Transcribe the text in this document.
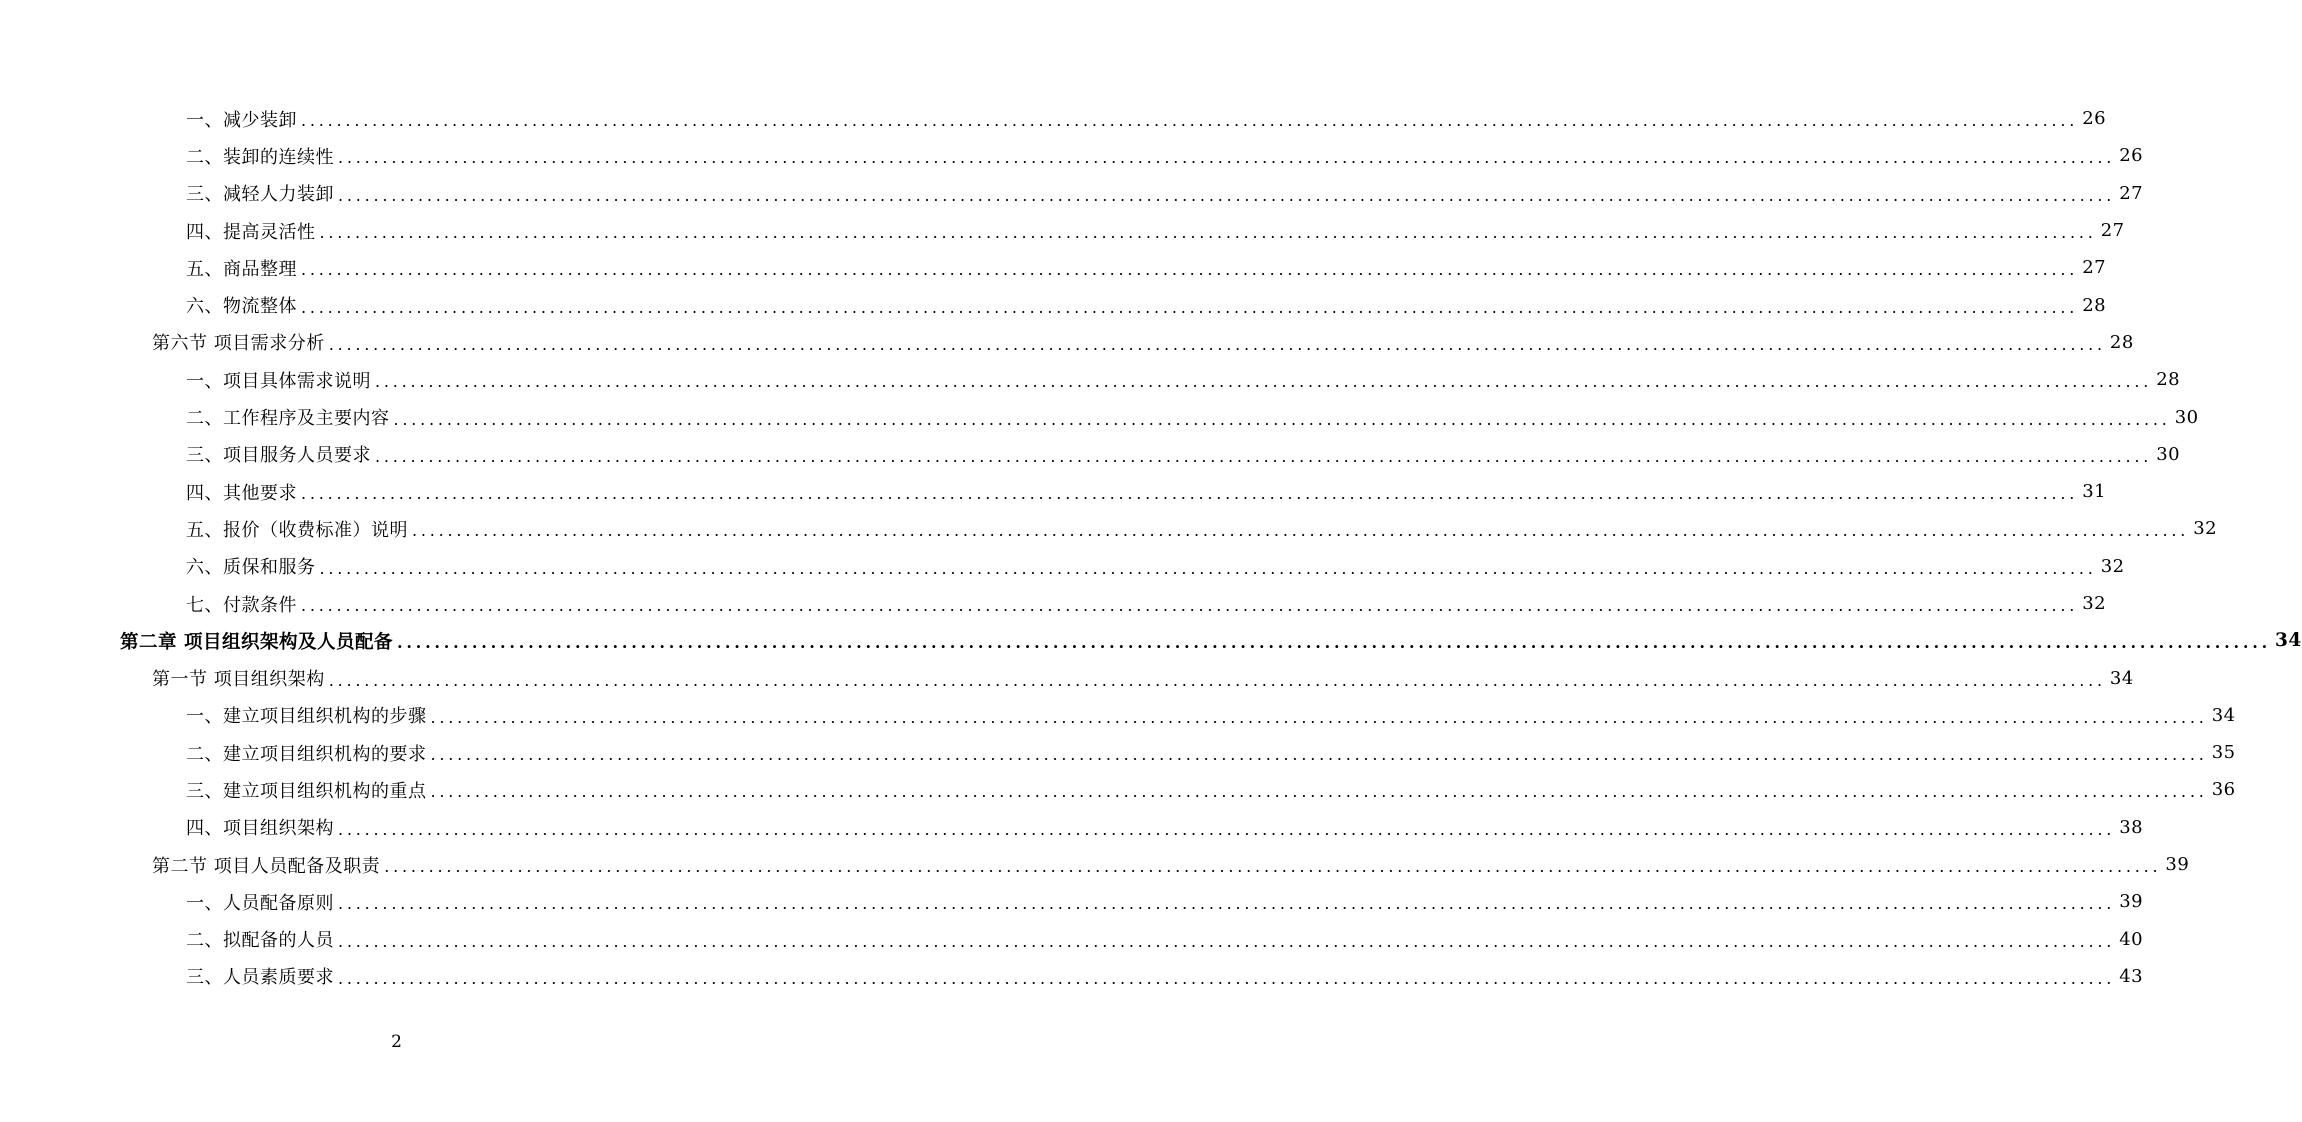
一、减少装卸 ........................................................................................................................................................................................................ 26
二、装卸的连续性 ........................................................................................................................................................................................................ 26
三、减轻人力装卸 ........................................................................................................................................................................................................ 27
四、提高灵活性 ........................................................................................................................................................................................................ 27
五、商品整理 ........................................................................................................................................................................................................ 27
六、物流整体 ........................................................................................................................................................................................................ 28
第六节 项目需求分析 ........................................................................................................................................................................................................ 28
一、项目具体需求说明 ........................................................................................................................................................................................................ 28
二、工作程序及主要内容 ........................................................................................................................................................................................................ 30
三、项目服务人员要求 ........................................................................................................................................................................................................ 30
四、其他要求 ........................................................................................................................................................................................................ 31
五、报价（收费标准）说明 ........................................................................................................................................................................................................ 32
六、质保和服务 ........................................................................................................................................................................................................ 32
七、付款条件 ........................................................................................................................................................................................................ 32
第二章 项目组织架构及人员配备 ........................................................................................................................................................................................................ 34
第一节 项目组织架构 ........................................................................................................................................................................................................ 34
一、建立项目组织机构的步骤 ........................................................................................................................................................................................................ 34
二、建立项目组织机构的要求 ........................................................................................................................................................................................................ 35
三、建立项目组织机构的重点 ........................................................................................................................................................................................................ 36
四、项目组织架构 ........................................................................................................................................................................................................ 38
第二节 项目人员配备及职责 ........................................................................................................................................................................................................ 39
一、人员配备原则 ........................................................................................................................................................................................................ 39
二、拟配备的人员 ........................................................................................................................................................................................................ 40
三、人员素质要求 ........................................................................................................................................................................................................ 43
2
